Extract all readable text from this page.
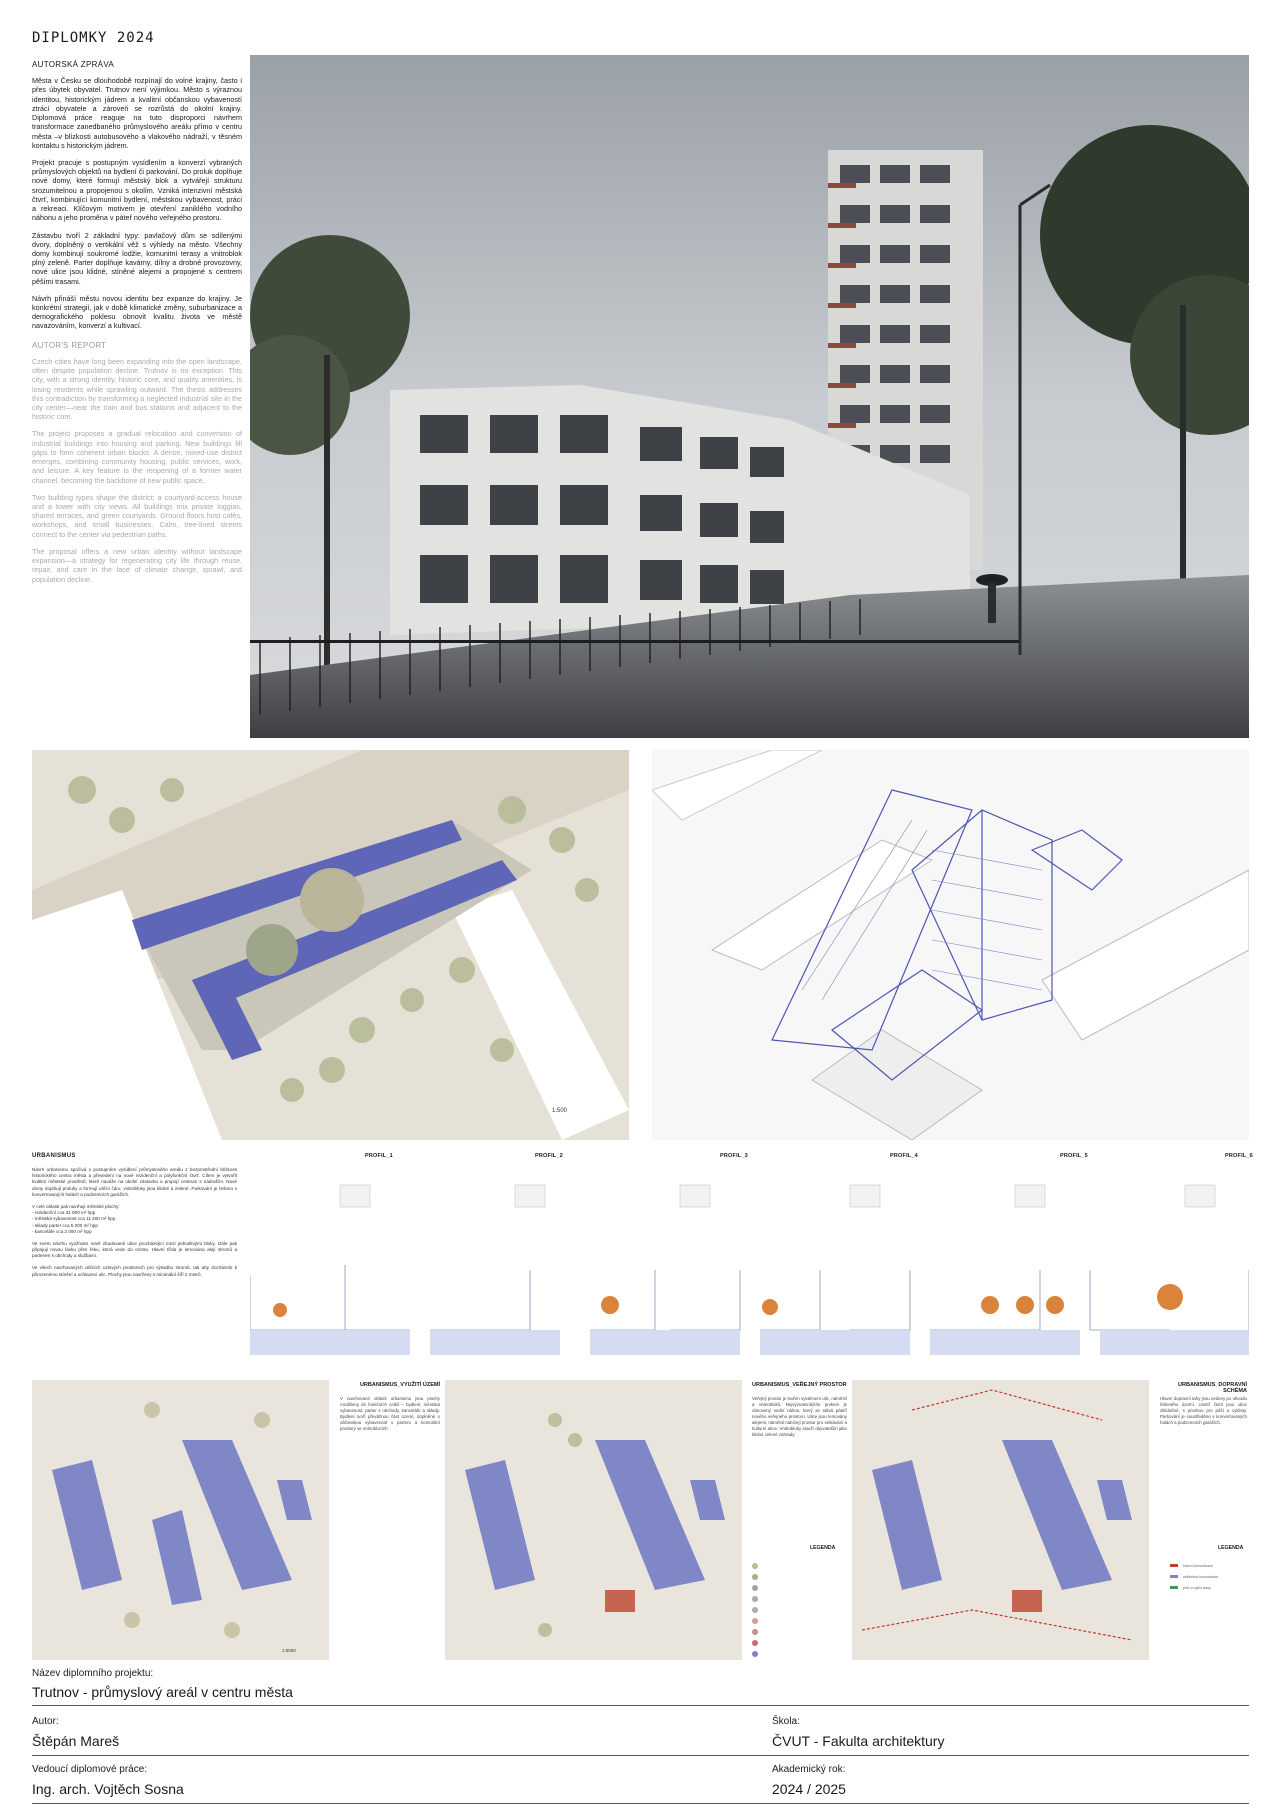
DIPLOMKY 2024
AUTORSKÁ ZPRÁVA

Města v Česku se dlouhodobě rozpínají do volné krajiny, často i přes úbytek obyvatel. Trutnov není výjimkou. Město s výraznou identitou, historickým jádrem a kvalitní občanskou vybaveností ztrácí obyvatele a zároveň se rozrůstá do okolní krajiny. Diplomová práce reaguje na tuto disproporci návrhem transformace zanedbaného průmyslového areálu přímo v centru města –v blízkosti autobusového a vlakového nádraží, v těsném kontaktu s historickým jádrem.

Projekt pracuje s postupným vysídlením a konverzí vybraných průmyslových objektů na bydlení či parkování. Do proluk doplňuje nové domy, které formují městský blok a vytvářejí strukturu srozumitelnou a propojenou s okolím. Vzniká intenzivní městská čtvrť, kombinující komunitní bydlení, městskou vybavenost, práci a rekreaci. Klíčovým motivem je otevření zaniklého vodního náhonu a jeho proměna v páteř nového veřejného prostoru.

Zástavbu tvoří 2 základní typy: pavlačový dům se sdílenými dvory, doplněný o vertikální věž s výhledy na město. Všechny domy kombinují soukromé lodžie, komunitní terasy a vnitroblok plný zeleně. Parter doplňuje kavárny, dílny a drobné provozovny, nové ulice jsou klidné, stíněné alejemi a propojené s centrem pěšími trasami.

Návrh přináší městu novou identitu bez expanze do krajiny. Je konkrétní strategií, jak v době klimatické změny, suburbanizace a demografického poklesu obnovit kvalitu života ve městě navazováním, konverzí a kultivací.

AUTOR'S REPORT

Czech cities have long been expanding into the open landscape, often despite population decline. Trutnov is no exception. This city, with a strong identity, historic core, and quality amenities, is losing residents while sprawling outward. The thesis addresses this contradiction by transforming a neglected industrial site in the city center—near the train and bus stations and adjacent to the historic core.

The project proposes a gradual relocation and conversion of industrial buildings into housing and parking. New buildings fill gaps to form coherent urban blocks. A dense, mixed-use district emerges, combining community housing, public services, work, and leisure. A key feature is the reopening of a former water channel, becoming the backbone of new public space.

Two building types shape the district: a courtyard-access house and a tower with city views. All buildings mix private loggias, shared terraces, and green courtyards. Ground floors host cafés, workshops, and small businesses. Calm, tree-lined streets connect to the center via pedestrian paths.

The proposal offers a new urban identity without landscape expansion—a strategy for regenerating city life through reuse, repair, and care in the face of climate change, sprawl, and population decline.

1:500
URBANISMUS
Návrh urbanismu spočívá v postupném vysídlení průmyslového areálu z bezprostřední blízkosti historického centra města a převedení na nové rezidenční a polyfunkční čtvrť. Cílem je vytvořit kvalitní městské prostředí, které naváže na okolní zástavbu a propojí centrum s nádražím. Nové domy doplňují proluky a formují uliční čáru, vnitrobloky jsou klidné a zelené. Parkování je řešeno v konvertovaných halách a podzemních garážích.
V celé oblasti pak navrhuji městské plochy:
- rezidenční cca 31 600 m² hpp
- městská vybavenost cca 11 200 m² hpp
- sklady parter cca 5 000 m² hpp
- kanceláře cca 3 000 m² hpp
Ve svém návrhu využívám nově zbudované ulice procházející mezi jednotlivými bloky. Dále pak připojuji novou lávku přes řeku, která vede do centra. Hlavní třída je lemována alejí stromů a parterem s obchody a službami.
Ve všech navrhovaných uličních uzlových prostorech pro výsadbu stromů, tak aby docházelo k přirozenému stínění a ochlazení ulic. Plochy jsou navrženy s minimální šíří 2 metrů.
PROFIL_1	PROFIL_2	PROFIL_3	PROFIL_4	PROFIL_5	PROFIL_6
1:5000
URBANISMUS_VYUŽITÍ ÚZEMÍ
V navrhované oblasti urbanismu jsou plochy rozděleny do funkčních celků – bydlení, městská vybavenost, parter s obchody, kanceláře a sklady. Bydlení tvoří převážnou část území, doplněné o občanskou vybavenost v parteru a komunitní prostory ve vnitroblocích.
URBANISMUS_VEŘEJNÝ PROSTOR
Veřejný prostor je tvořen systémem ulic, náměstí a vnitrobloků. Nejvýznamnějším prvkem je obnovený vodní náhon, který se stává páteří nového veřejného prostoru. Ulice jsou lemovány alejemi, náměstí nabízejí prostor pro setkávání a kulturní akce. Vnitrobloky slouží obyvatelům jako klidné zelené zahrady.
LEGENDA
URBANISMUS_DOPRAVNÍ SCHÉMA
Hlavní dopravní tahy jsou vedeny po obvodu řešeného území. Uvnitř čtvrti jsou ulice zklidněné, s prioritou pro pěší a cyklisty. Parkování je soustředěno v konvertovaných halách a podzemních garážích.
LEGENDA
hlavní komunikace
zklidněná komunikace
pěší a cyklo trasy
Název diplomního projektu:
Trutnov - průmyslový areál v centru města
Autor:
Štěpán Mareš
Škola:
ČVUT - Fakulta architektury
Vedoucí diplomové práce:
Ing. arch. Vojtěch Sosna
Akademický rok:
2024 / 2025
